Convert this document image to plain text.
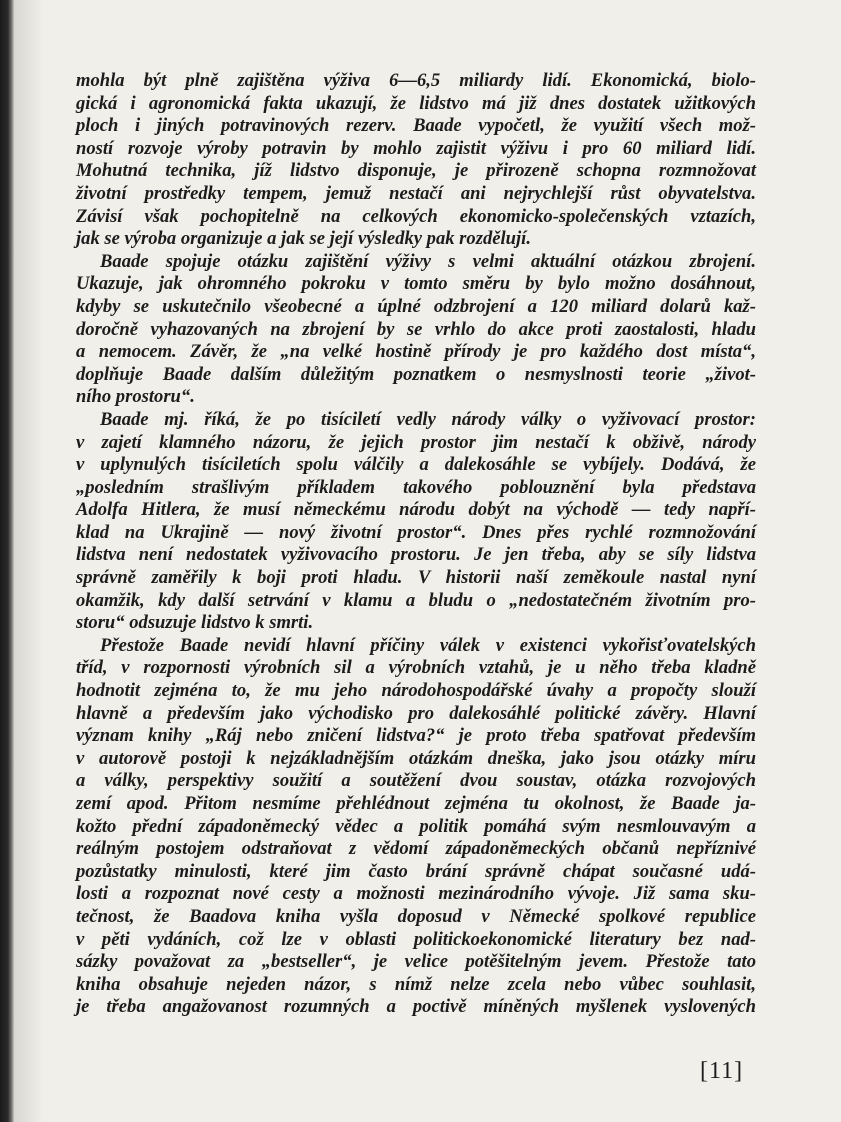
mohla být plně zajištěna výživa 6—6,5 miliardy lidí. Ekonomická, biolo-
gická i agronomická fakta ukazují, že lidstvo má již dnes dostatek užitkových
ploch i jiných potravinových rezerv. Baade vypočetl, že využití všech mož-
ností rozvoje výroby potravin by mohlo zajistit výživu i pro 60 miliard lidí.
Mohutná technika, jíž lidstvo disponuje, je přirozeně schopna rozmnožovat
životní prostředky tempem, jemuž nestačí ani nejrychlejší růst obyvatelstva.
Závisí však pochopitelně na celkových ekonomicko-společenských vztazích,
jak se výroba organizuje a jak se její výsledky pak rozdělují.
Baade spojuje otázku zajištění výživy s velmi aktuální otázkou zbrojení.
Ukazuje, jak ohromného pokroku v tomto směru by bylo možno dosáhnout,
kdyby se uskutečnilo všeobecné a úplné odzbrojení a 120 miliard dolarů kaž-
doročně vyhazovaných na zbrojení by se vrhlo do akce proti zaostalosti, hladu
a nemocem. Závěr, že „na velké hostině přírody je pro každého dost místa“,
doplňuje Baade dalším důležitým poznatkem o nesmyslnosti teorie „život-
ního prostoru“.
Baade mj. říká, že po tisíciletí vedly národy války o vyživovací prostor:
v zajetí klamného názoru, že jejich prostor jim nestačí k obživě, národy
v uplynulých tisíciletích spolu válčily a dalekosáhle se vybíjely. Dodává, že
„posledním strašlivým příkladem takového poblouznění byla představa
Adolfa Hitlera, že musí německému národu dobýt na východě — tedy napří-
klad na Ukrajině — nový životní prostor“. Dnes přes rychlé rozmnožování
lidstva není nedostatek vyživovacího prostoru. Je jen třeba, aby se síly lidstva
správně zaměřily k boji proti hladu. V historii naší zeměkoule nastal nyní
okamžik, kdy další setrvání v klamu a bludu o „nedostatečném životním pro-
storu“ odsuzuje lidstvo k smrti.
Přestože Baade nevidí hlavní příčiny válek v existenci vykořisťovatelských
tříd, v rozpornosti výrobních sil a výrobních vztahů, je u něho třeba kladně
hodnotit zejména to, že mu jeho národohospodářské úvahy a propočty slouží
hlavně a především jako východisko pro dalekosáhlé politické závěry. Hlavní
význam knihy „Ráj nebo zničení lidstva?“ je proto třeba spatřovat především
v autorově postoji k nejzákladnějším otázkám dneška, jako jsou otázky míru
a války, perspektivy soužití a soutěžení dvou soustav, otázka rozvojových
zemí apod. Přitom nesmíme přehlédnout zejména tu okolnost, že Baade ja-
kožto přední západoněmecký vědec a politik pomáhá svým nesmlouvavým a
reálným postojem odstraňovat z vědomí západoněmeckých občanů nepříznivé
pozůstatky minulosti, které jim často brání správně chápat současné udá-
losti a rozpoznat nové cesty a možnosti mezinárodního vývoje. Již sama sku-
tečnost, že Baadova kniha vyšla doposud v Německé spolkové republice
v pěti vydáních, což lze v oblasti politickoekonomické literatury bez nad-
sázky považovat za „bestseller“, je velice potěšitelným jevem. Přestože tato
kniha obsahuje nejeden názor, s nímž nelze zcela nebo vůbec souhlasit,
je třeba angažovanost rozumných a poctivě míněných myšlenek vyslovených
[11]
